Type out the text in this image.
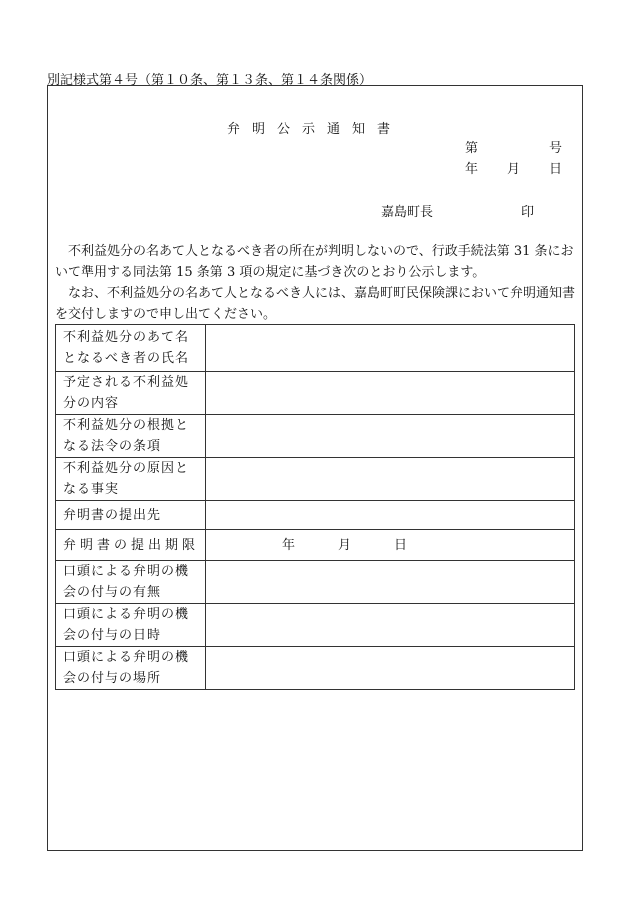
別記様式第４号（第１０条、第１３条、第１４条関係）
弁明公示通知書
第	号
年 月 日
嘉島町長	印
不利益処分の名あて人となるべき者の所在が判明しないので、行政手続法第 31 条において準用する同法第 15 条第 3 項の規定に基づき次のとおり公示します。
なお、不利益処分の名あて人となるべき人には、嘉島町町民保険課において弁明通知書を交付しますので申し出てください。
不利益処分のあて名となるべき者の氏名	
予定される不利益処分の内容	
不利益処分の根拠となる法令の条項	
不利益処分の原因となる事実	
弁明書の提出先	
弁明書の提出期限	年 月 日

口頭による弁明の機会の付与の有無	
口頭による弁明の機会の付与の日時	
口頭による弁明の機会の付与の場所	
